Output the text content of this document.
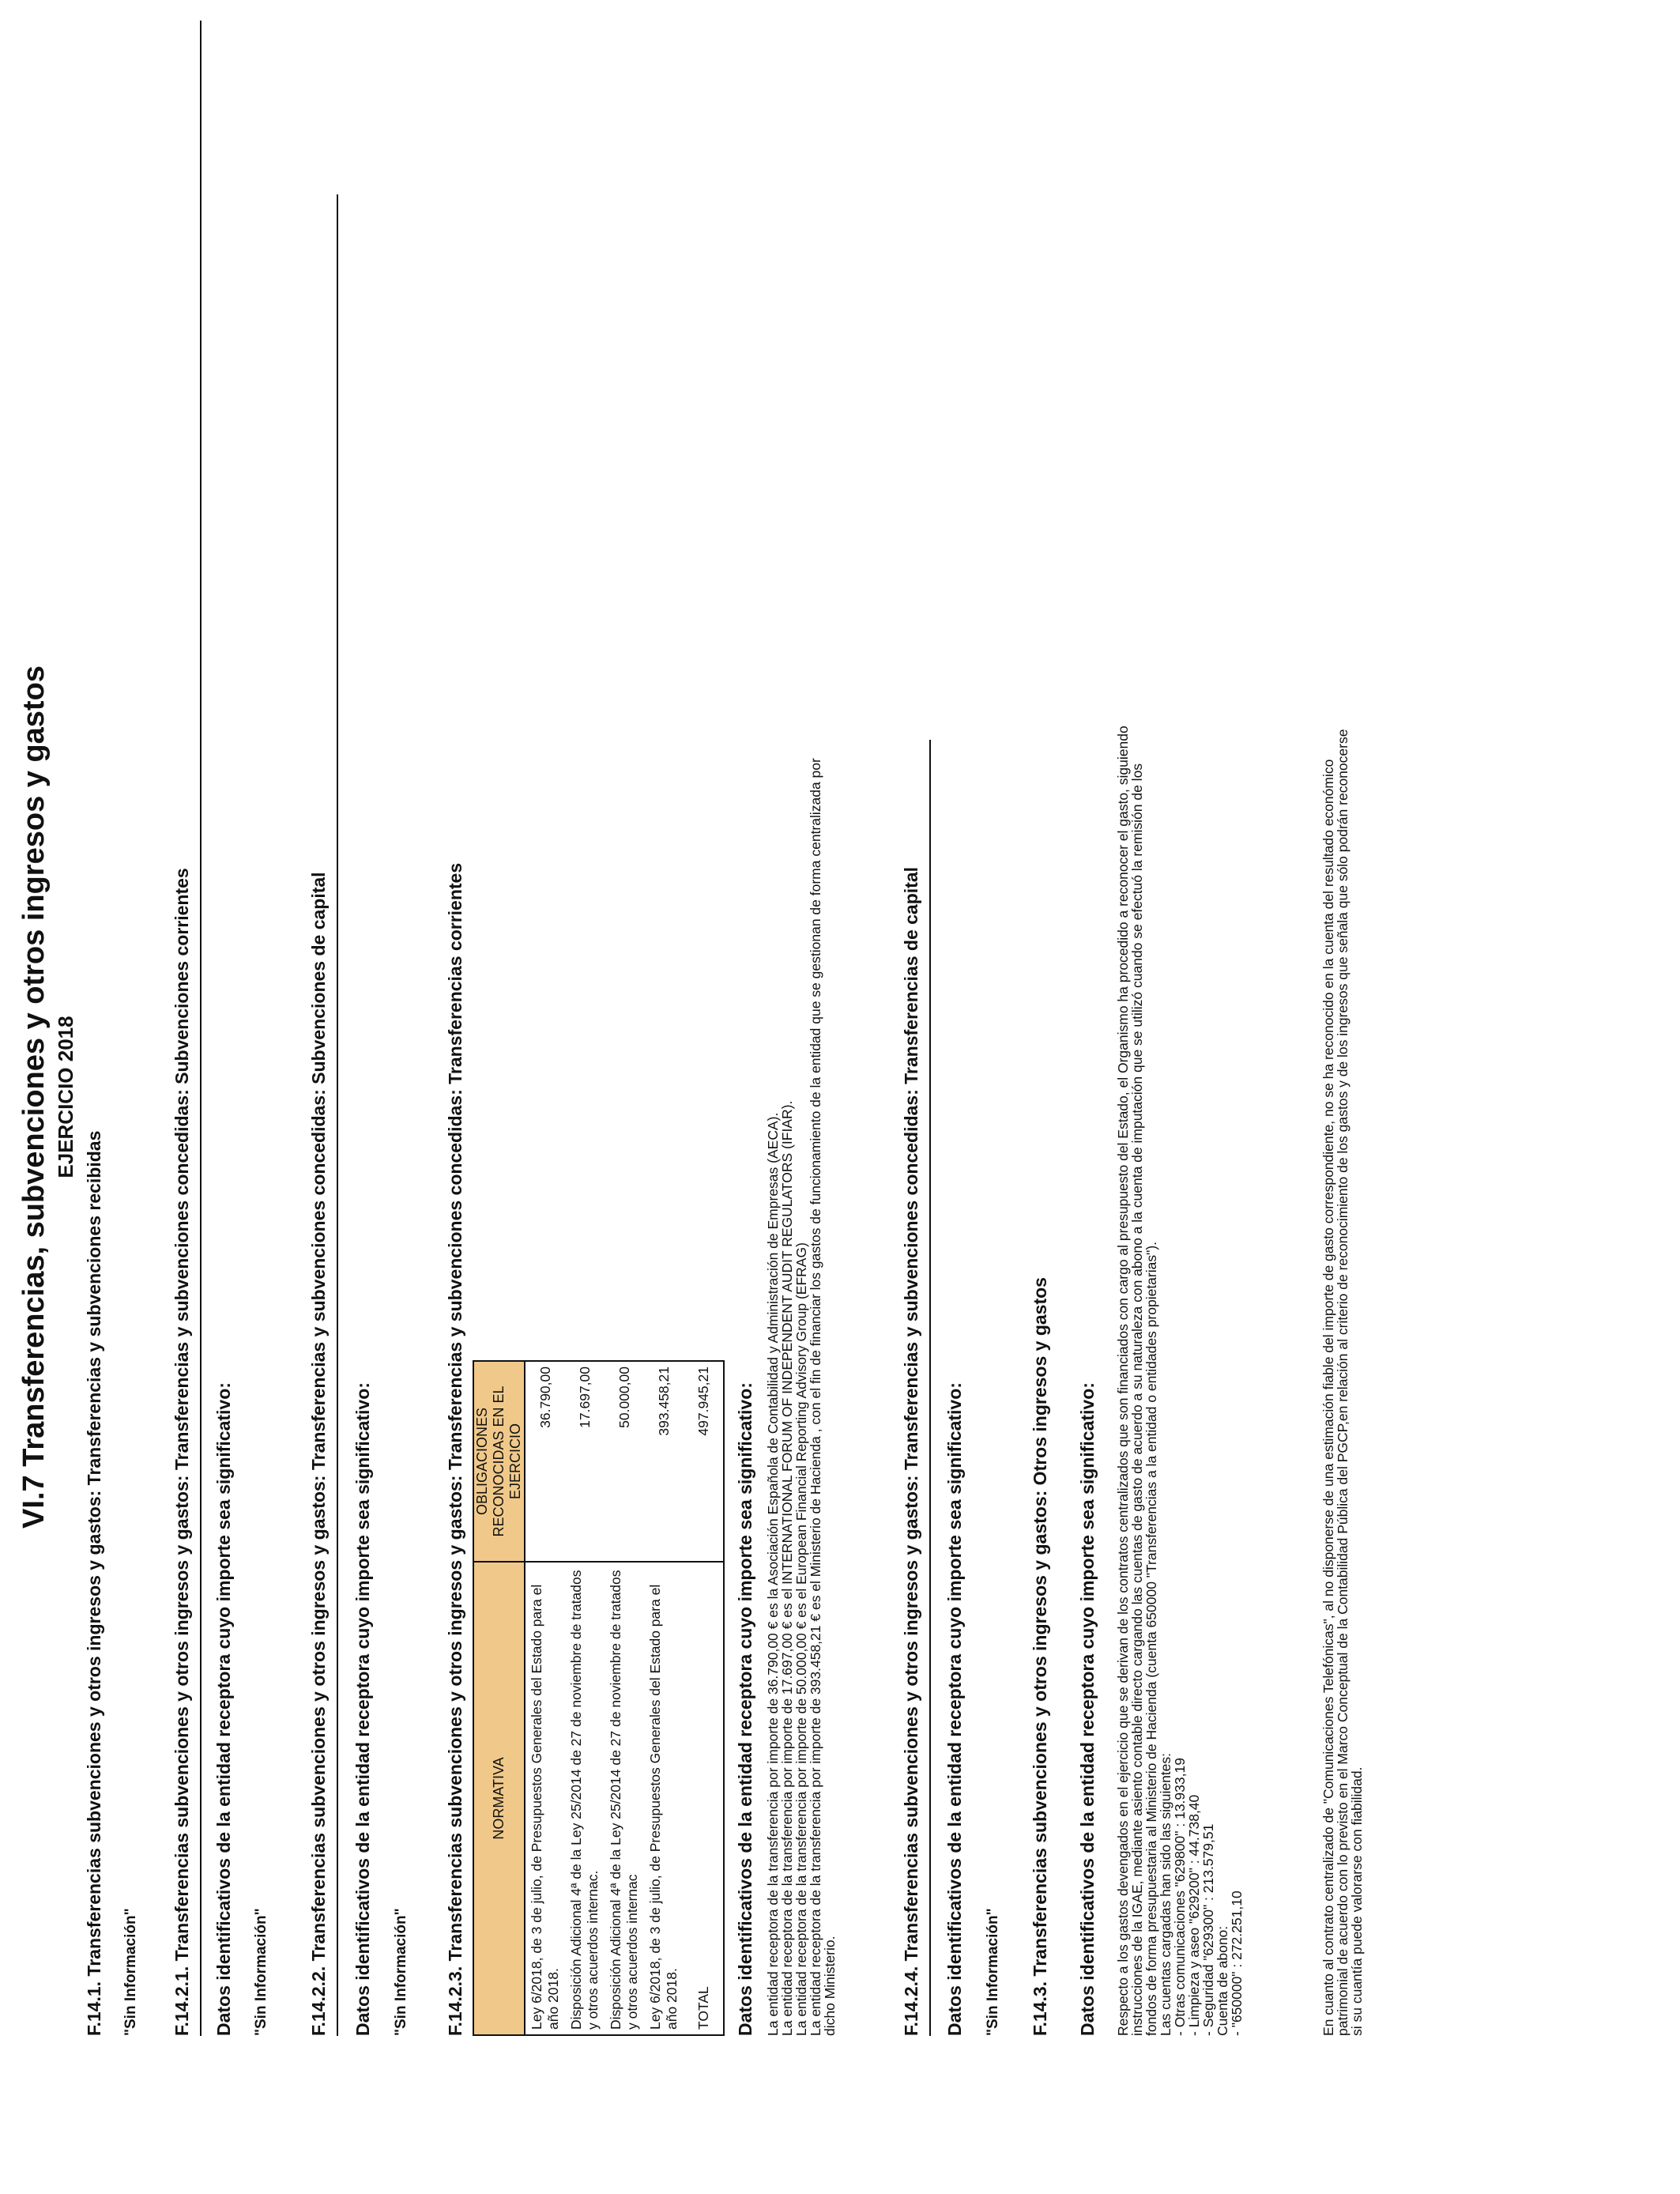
VI.7 Transferencias, subvenciones y otros ingresos y gastos EJERCICIO 2018
F.14.1. Transferencias subvenciones y otros ingresos y gastos: Transferencias y subvenciones recibidas "Sin Información" F.14.2.1. Transferencias subvenciones y otros ingresos y gastos: Transferencias y subvenciones concedidas: Subvenciones corrientes Datos identificativos de la entidad receptora cuyo importe sea significativo: "Sin Información" F.14.2.2. Transferencias subvenciones y otros ingresos y gastos: Transferencias y subvenciones concedidas: Subvenciones de capital Datos identificativos de la entidad receptora cuyo importe sea significativo: "Sin Información" F.14.2.3. Transferencias subvenciones y otros ingresos y gastos: Transferencias y subvenciones concedidas: Transferencias corrientes NORMATIVA	OBLIGACIONES RECONOCIDAS EN EL EJERCICIO
Ley 6/2018, de 3 de julio, de Presupuestos Generales del Estado para el año 2018.	36.790,00
Disposición Adicional 4ª de la Ley 25/2014 de 27 de noviembre de tratados y otros acuerdos internac.	17.697,00
Disposición Adicional 4ª de la Ley 25/2014 de 27 de noviembre de tratados y otros acuerdos internac	50.000,00
Ley 6/2018, de 3 de julio, de Presupuestos Generales del Estado para el año 2018.	393.458,21
TOTAL	497.945,21 Datos identificativos de la entidad receptora cuyo importe sea significativo: La entidad receptora de la transferencia por importe de 36.790,00 € es la Asociación Española de Contabilidad y Administración de Empresas (AECA).
La entidad receptora de la transferencia por importe de 17.697,00 € es el INTERNATIONAL FORUM OF INDEPENDENT AUDIT REGULATORS (IFIAR).
La entidad receptora de la transferencia por importe de 50.000,00 € es el European Financial Reporting Advisory Group (EFRAG)
La entidad receptora de la transferencia por importe de 393.458,21 € es el Ministerio de Hacienda , con el fin de financiar los gastos de funcionamiento de la entidad que se gestionan de forma centralizada por
dicho Ministerio.	F.14.2.4. Transferencias subvenciones y otros ingresos y gastos: Transferencias y subvenciones concedidas: Transferencias de capital Datos identificativos de la entidad receptora cuyo importe sea significativo: "Sin Información" F.14.3. Transferencias subvenciones y otros ingresos y gastos: Otros ingresos y gastos Datos identificativos de la entidad receptora cuyo importe sea significativo: Respecto a los gastos devengados en el ejercicio que se derivan de los contratos centralizados que son financiados con cargo al presupuesto del Estado, el Organismo ha procedido a reconocer el gasto, siguiendo
instrucciones de la IGAE, mediante asiento contable directo cargando las cuentas de gasto de acuerdo a su naturaleza con abono a la cuenta de imputación que se utilizó cuando se efectuó la remisión de los
fondos de forma presupuestaria al Ministerio de Hacienda (cuenta 650000 "Transferencias a la entidad o entidades propietarias").
Las cuentas cargadas han sido las siguientes:
- Otras comunicaciones "629800" : 13.933,19
- Limpieza y aseo "629200" : 44.738,40
- Seguridad "629300" : 213.579,51
Cuenta de abono:
- "650000" : 272.251,10	En cuanto al contrato centralizado de "Comunicaciones Telefónicas", al no disponerse de una estimación fiable del importe de gasto correspondiente, no se ha reconocido en la cuenta del resultado económico
patrimonial de acuerdo con lo previsto en el Marco Conceptual de la Contabilidad Pública del PGCP,en relación al criterio de reconocimiento de los gastos y de los ingresos que señala que sólo podrán reconocerse
si su cuantía puede valorarse con fiabilidad.
